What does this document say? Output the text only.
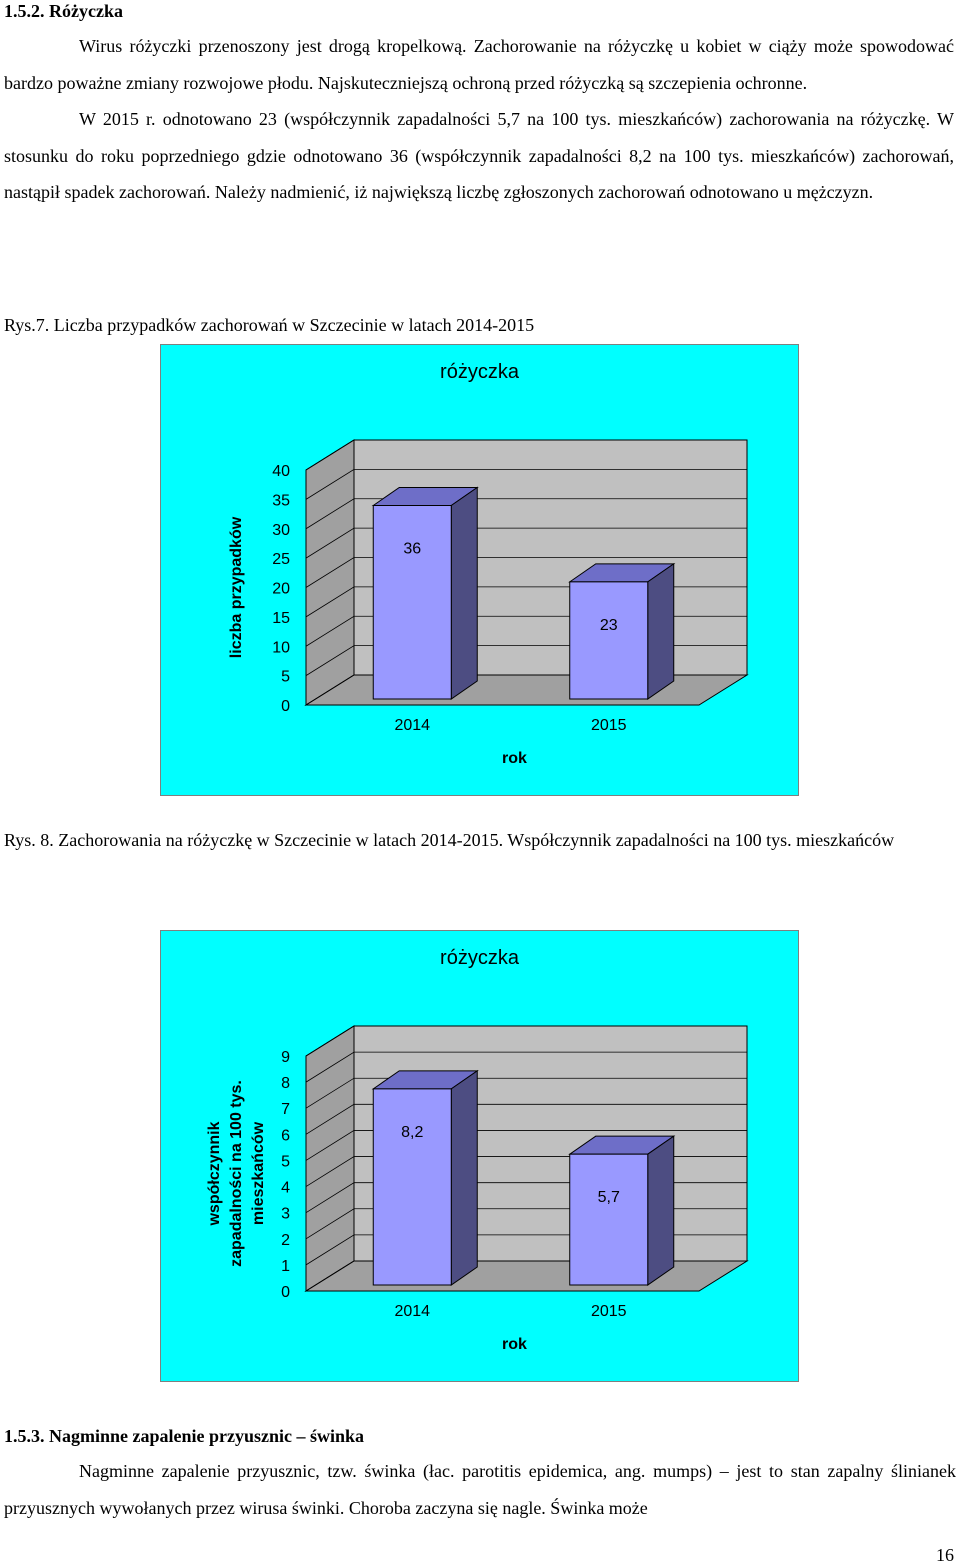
1.5.2. Różyczka

Wirus różyczki przenoszony jest drogą kropelkową. Zachorowanie na różyczkę u kobiet w ciąży może spowodować bardzo poważne zmiany rozwojowe płodu. Najskuteczniejszą ochroną przed różyczką są szczepienia ochronne.

W 2015 r. odnotowano 23 (współczynnik zapadalności 5,7 na 100 tys. mieszkańców) zachorowania na różyczkę. W stosunku do roku poprzedniego gdzie odnotowano 36 (współczynnik zapadalności 8,2 na 100 tys. mieszkańców) zachorowań, nastąpił spadek zachorowań. Należy nadmienić, iż największą liczbę zgłoszonych zachorowań odnotowano u mężczyzn.

Rys.7. Liczba przypadków zachorowań w Szczecinie w latach 2014-2015
różyczka
0
5
10
15
20
25
30
35
40
liczba przypadków	36
2014
23
2015
rok
Rys. 8. Zachorowania na różyczkę w Szczecinie w latach 2014-2015. Współczynnik zapadalności na 100 tys. mieszkańców
różyczka
0
1
2
3
4
5
6
7
8
9
współczynnik zapadalności na 100 tys. mieszkańców	8,2
2014
5,7
2015
rok
1.5.3. Nagminne zapalenie przyuszniс – świnka

Nagminne zapalenie przyusznic, tzw. świnka (łac. parotitis epidemica, ang. mumps) – jest to stan zapalny ślinianek przyusznych wywołanych przez wirusa świnki. Choroba zaczyna się nagle. Świnka może

16
